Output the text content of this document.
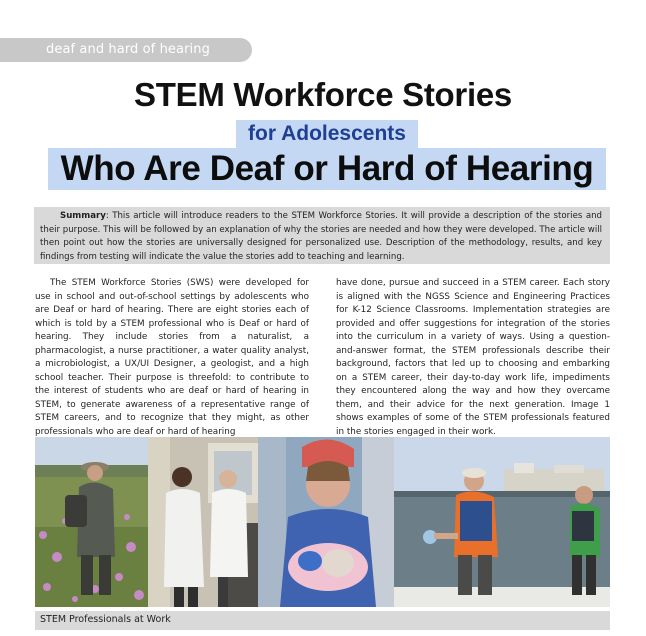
deaf and hard of hearing
STEM Workforce Stories
for Adolescents
Who Are Deaf or Hard of Hearing
Summary: This article will introduce readers to the STEM Workforce Stories. It will provide a description of the stories and their purpose. This will be followed by an explanation of why the stories are needed and how they were developed. The article will then point out how the stories are universally designed for personalized use. Description of the methodology, results, and key findings from testing will indicate the value the stories add to teaching and learning.
The STEM Workforce Stories (SWS) were developed for use in school and out-of-school settings by adolescents who are Deaf or hard of hearing. There are eight stories each of which is told by a STEM professional who is Deaf or hard of hearing. They include stories from a naturalist, a pharmacologist, a nurse practitioner, a water quality analyst, a microbiologist, a UX/UI Designer, a geologist, and a high school teacher. Their purpose is threefold: to contribute to the interest of students who are deaf or hard of hearing in STEM, to generate awareness of a representative range of STEM careers, and to recognize that they might, as other professionals who are deaf or hard of hearing
have done, pursue and succeed in a STEM career. Each story is aligned with the NGSS Science and Engineering Practices for K-12 Science Classrooms. Implementation strategies are provided and offer suggestions for integration of the stories into the curriculum in a variety of ways. Using a question-and-answer format, the STEM professionals describe their background, factors that led up to choosing and embarking on a STEM career, their day-to-day work life, impediments they encountered along the way and how they overcame them, and their advice for the next generation. Image 1 shows examples of some of the STEM professionals featured in the stories engaged in their work.
STEM Professionals at Work
